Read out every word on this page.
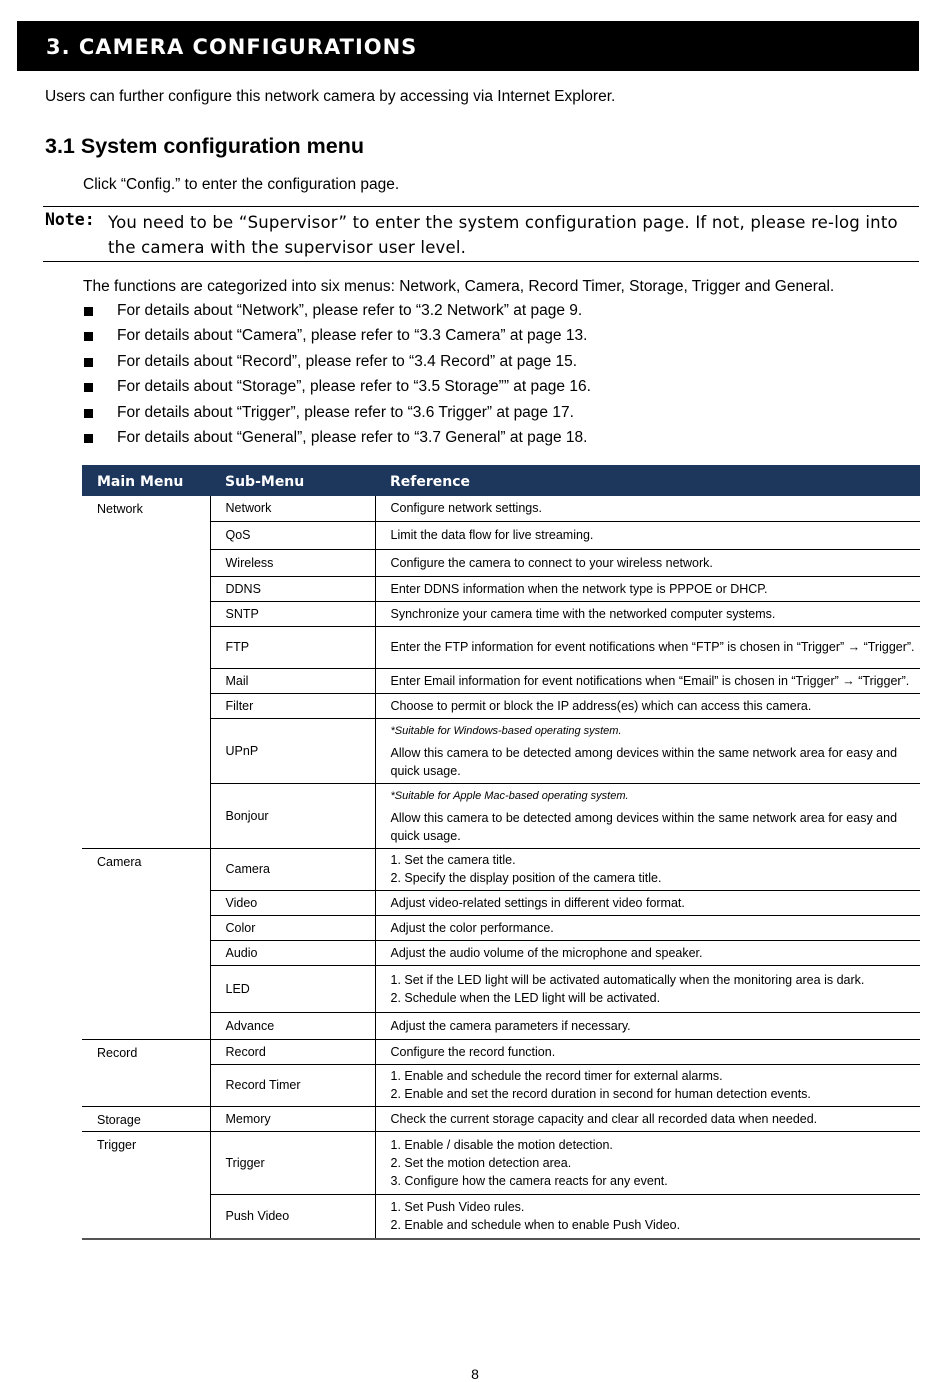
3. CAMERA CONFIGURATIONS
Users can further configure this network camera by accessing via Internet Explorer.
3.1 System configuration menu
Click “Config.” to enter the configuration page.
Note: You need to be “Supervisor” to enter the system configuration page. If not, please re-log into the camera with the supervisor user level.
The functions are categorized into six menus: Network, Camera, Record Timer, Storage, Trigger and General.
For details about “Network”, please refer to “3.2 Network” at page 9.
For details about “Camera”, please refer to “3.3 Camera” at page 13.
For details about “Record”, please refer to “3.4 Record” at page 15.
For details about “Storage”, please refer to “3.5 Storage”” at page 16.
For details about “Trigger”, please refer to “3.6 Trigger” at page 17.
For details about “General”, please refer to “3.7 General” at page 18.
Main Menu	Sub-Menu	Reference
Network	Network	Configure network settings.

	QoS	Limit the data flow for live streaming.

	Wireless	Configure the camera to connect to your wireless network.

	DDNS	Enter DDNS information when the network type is PPPOE or DHCP.

	SNTP	Synchronize your camera time with the networked computer systems.

	FTP	Enter the FTP information for event notifications when “FTP” is chosen in “Trigger” → “Trigger”.

	Mail	Enter Email information for event notifications when “Email” is chosen in “Trigger” → “Trigger”.

	Filter	Choose to permit or block the IP address(es) which can access this camera.

	UPnP	*Suitable for Windows-based operating system.
Allow this camera to be detected among devices within the same network area for easy and quick usage.

	Bonjour	*Suitable for Apple Mac-based operating system.
Allow this camera to be detected among devices within the same network area for easy and quick usage.

Camera	Camera	1. Set the camera title.
2. Specify the display position of the camera title.

	Video	Adjust video-related settings in different video format.

	Color	Adjust the color performance.

	Audio	Adjust the audio volume of the microphone and speaker.

	LED	1. Set if the LED light will be activated automatically when the monitoring area is dark.
2. Schedule when the LED light will be activated.

	Advance	Adjust the camera parameters if necessary.

Record	Record	Configure the record function.

	Record Timer	1. Enable and schedule the record timer for external alarms.
2. Enable and set the record duration in second for human detection events.

Storage	Memory	Check the current storage capacity and clear all recorded data when needed.

Trigger	Trigger	1. Enable / disable the motion detection.
2. Set the motion detection area.
3. Configure how the camera reacts for any event.

	Push Video	1. Set Push Video rules.
2. Enable and schedule when to enable Push Video.
8
